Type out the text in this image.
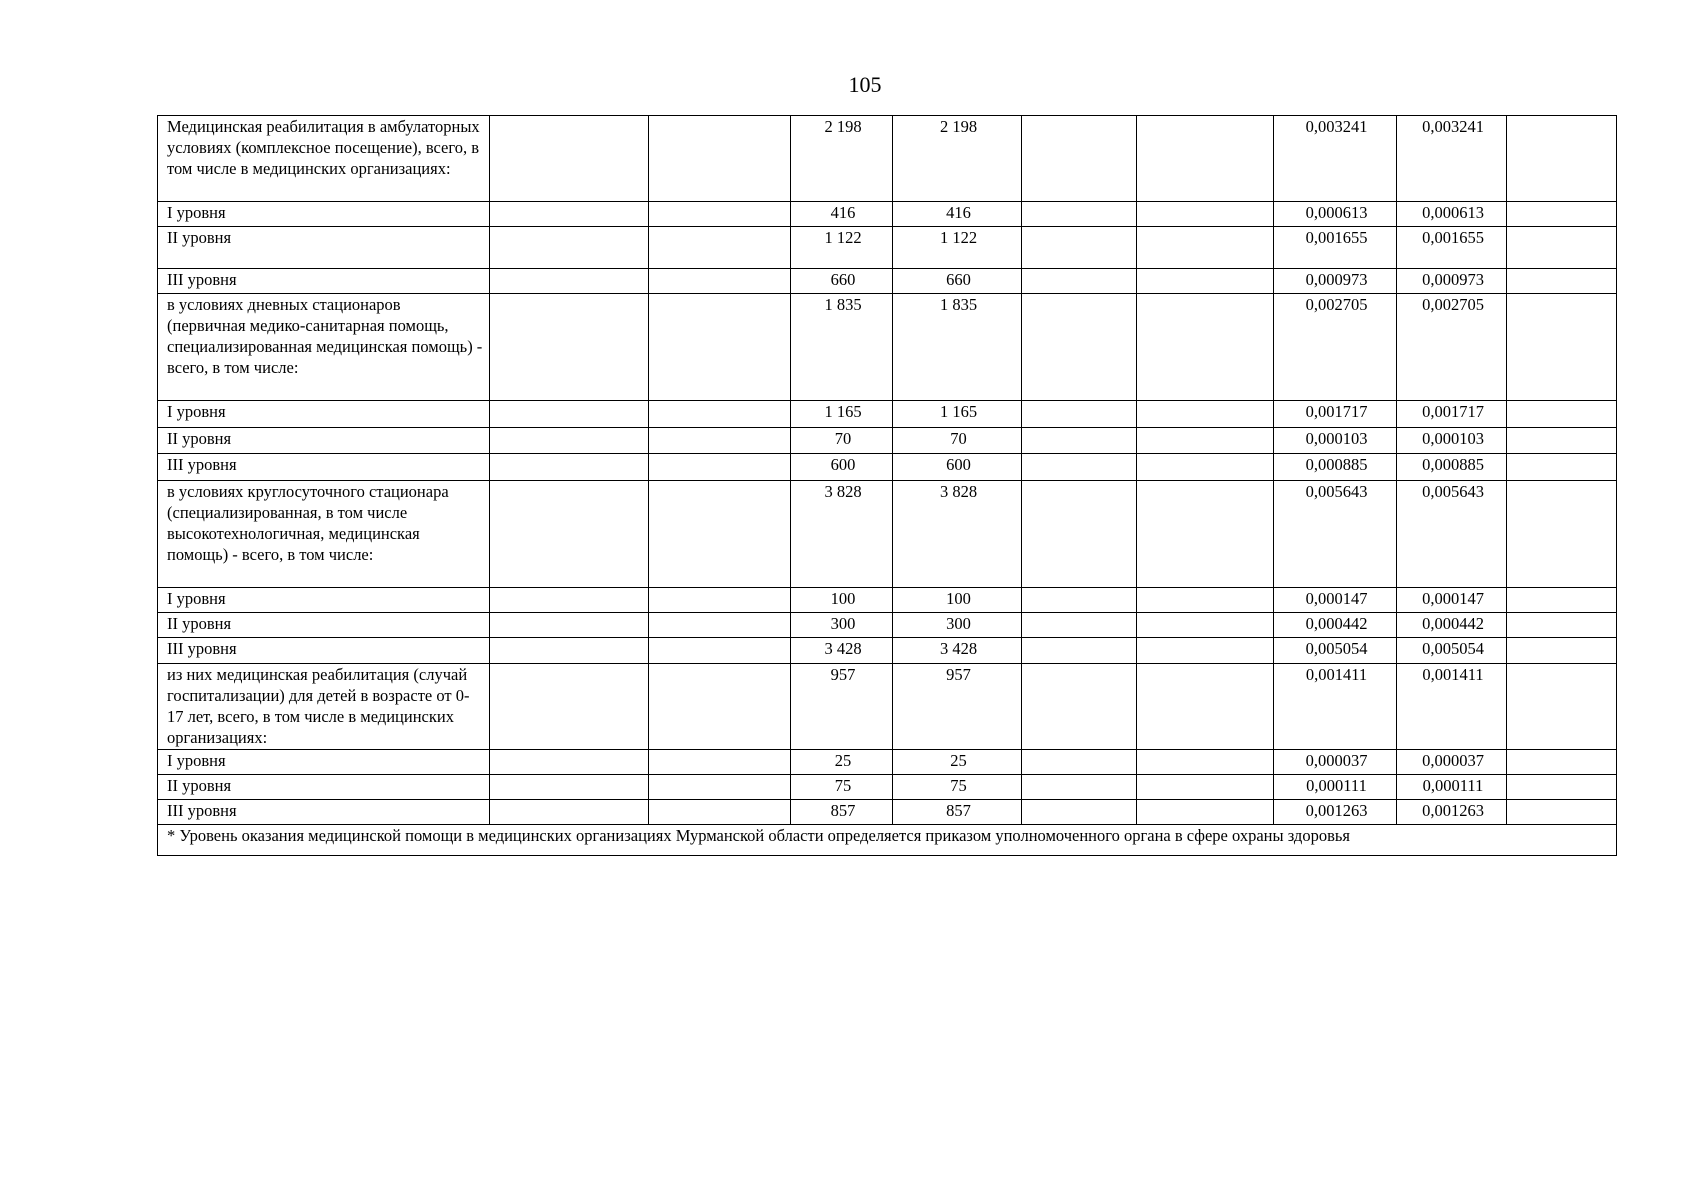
105
Медицинская реабилитация в амбулаторных условиях (комплексное посещение), всего, в том числе в медицинских организациях:			2 198	2 198			0,003241	0,003241	
I уровня			416	416			0,000613	0,000613	
II уровня			1 122	1 122			0,001655	0,001655	
III уровня			660	660			0,000973	0,000973	
в условиях дневных стационаров (первичная медико-санитарная помощь, специализированная медицинская помощь) - всего, в том числе:			1 835	1 835			0,002705	0,002705	
I уровня			1 165	1 165			0,001717	0,001717	
II уровня			70	70			0,000103	0,000103	
III уровня			600	600			0,000885	0,000885	
в условиях круглосуточного стационара (специализированная, в том числе высокотехнологичная, медицинская помощь) - всего, в том числе:			3 828	3 828			0,005643	0,005643	
I уровня			100	100			0,000147	0,000147	
II уровня			300	300			0,000442	0,000442	
III уровня			3 428	3 428			0,005054	0,005054	
из них медицинская реабилитация (случай госпитализации) для детей в возрасте от 0-17 лет, всего, в том числе в медицинских организациях:			957	957			0,001411	0,001411	
I уровня			25	25			0,000037	0,000037	
II уровня			75	75			0,000111	0,000111	
III уровня			857	857			0,001263	0,001263	
* Уровень оказания медицинской помощи в медицинских организациях Мурманской области определяется приказом уполномоченного органа в сфере охраны здоровья									
